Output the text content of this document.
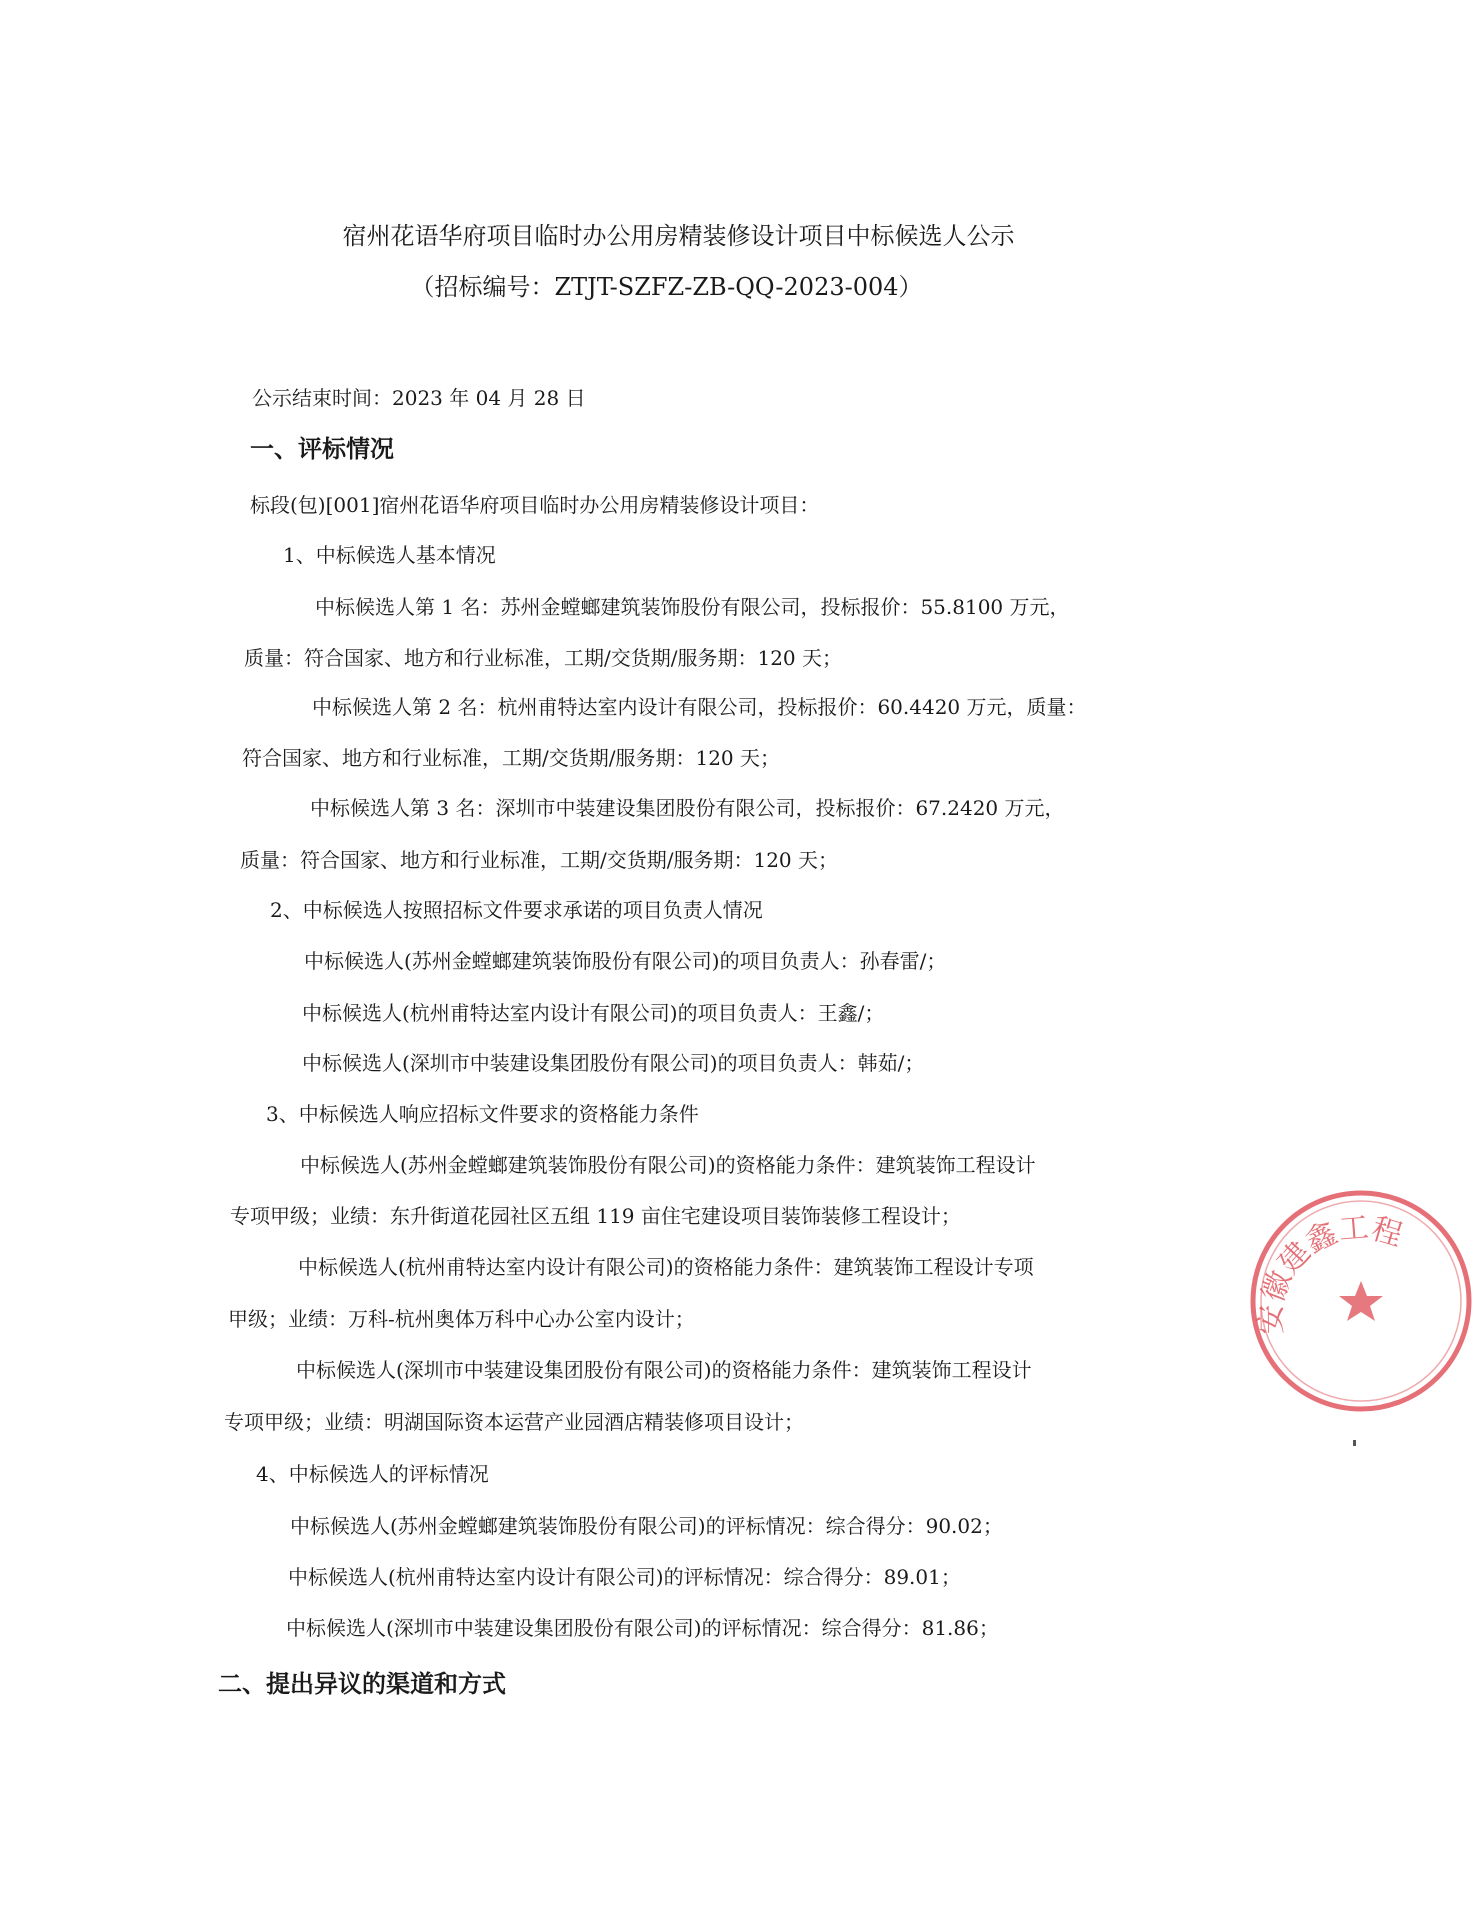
宿州花语华府项目临时办公用房精装修设计项目中标候选人公示
（招标编号：ZTJT-SZFZ-ZB-QQ-2023-004）
公示结束时间：2023 年 04 月 28 日
一、评标情况
标段(包)[001]宿州花语华府项目临时办公用房精装修设计项目：
1、中标候选人基本情况
中标候选人第 1 名：苏州金螳螂建筑装饰股份有限公司，投标报价：55.8100 万元，
质量：符合国家、地方和行业标准，工期/交货期/服务期：120 天；
中标候选人第 2 名：杭州甫特达室内设计有限公司，投标报价：60.4420 万元，质量：
符合国家、地方和行业标准，工期/交货期/服务期：120 天；
中标候选人第 3 名：深圳市中装建设集团股份有限公司，投标报价：67.2420 万元，
质量：符合国家、地方和行业标准，工期/交货期/服务期：120 天；
2、中标候选人按照招标文件要求承诺的项目负责人情况
中标候选人(苏州金螳螂建筑装饰股份有限公司)的项目负责人：孙春雷/；
中标候选人(杭州甫特达室内设计有限公司)的项目负责人：王鑫/；
中标候选人(深圳市中装建设集团股份有限公司)的项目负责人：韩茹/；
3、中标候选人响应招标文件要求的资格能力条件
中标候选人(苏州金螳螂建筑装饰股份有限公司)的资格能力条件：建筑装饰工程设计
专项甲级；业绩：东升街道花园社区五组 119 亩住宅建设项目装饰装修工程设计；
中标候选人(杭州甫特达室内设计有限公司)的资格能力条件：建筑装饰工程设计专项
甲级；业绩：万科-杭州奥体万科中心办公室内设计；
中标候选人(深圳市中装建设集团股份有限公司)的资格能力条件：建筑装饰工程设计
专项甲级；业绩：明湖国际资本运营产业园酒店精装修项目设计；
4、中标候选人的评标情况
中标候选人(苏州金螳螂建筑装饰股份有限公司)的评标情况：综合得分：90.02；
中标候选人(杭州甫特达室内设计有限公司)的评标情况：综合得分：89.01；
中标候选人(深圳市中装建设集团股份有限公司)的评标情况：综合得分：81.86；
二、提出异议的渠道和方式
安徽建鑫工程
